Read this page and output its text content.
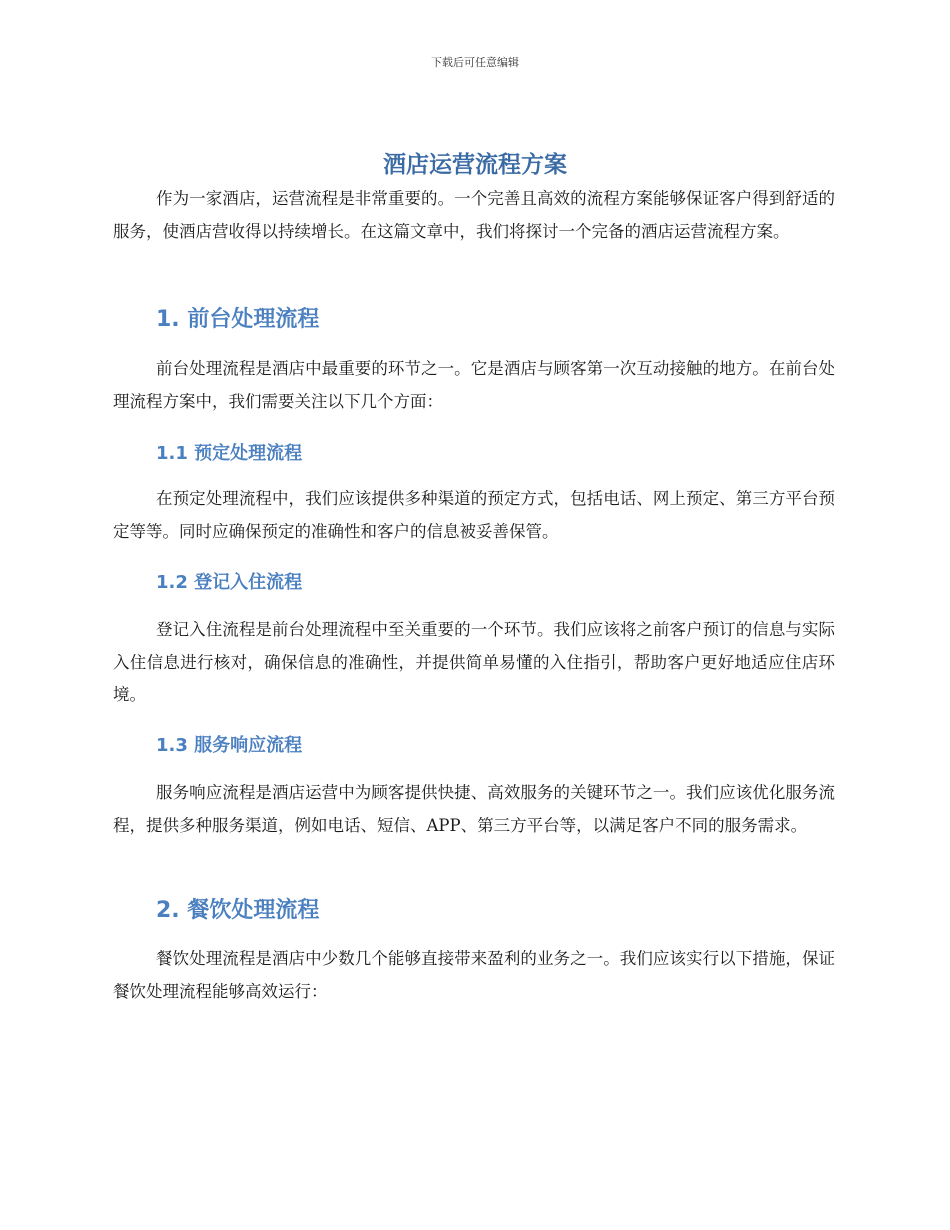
下载后可任意编辑
酒店运营流程方案

作为一家酒店，运营流程是非常重要的。一个完善且高效的流程方案能够保证客户得到舒适的服务，使酒店营收得以持续增长。在这篇文章中，我们将探讨一个完备的酒店运营流程方案。

1. 前台处理流程

前台处理流程是酒店中最重要的环节之一。它是酒店与顾客第一次互动接触的地方。在前台处理流程方案中，我们需要关注以下几个方面：

1.1 预定处理流程

在预定处理流程中，我们应该提供多种渠道的预定方式，包括电话、网上预定、第三方平台预定等等。同时应确保预定的准确性和客户的信息被妥善保管。

1.2 登记入住流程

登记入住流程是前台处理流程中至关重要的一个环节。我们应该将之前客户预订的信息与实际入住信息进行核对，确保信息的准确性，并提供简单易懂的入住指引，帮助客户更好地适应住店环境。

1.3 服务响应流程

服务响应流程是酒店运营中为顾客提供快捷、高效服务的关键环节之一。我们应该优化服务流程，提供多种服务渠道，例如电话、短信、APP、第三方平台等，以满足客户不同的服务需求。

2. 餐饮处理流程

餐饮处理流程是酒店中少数几个能够直接带来盈利的业务之一。我们应该实行以下措施，保证餐饮处理流程能够高效运行：
